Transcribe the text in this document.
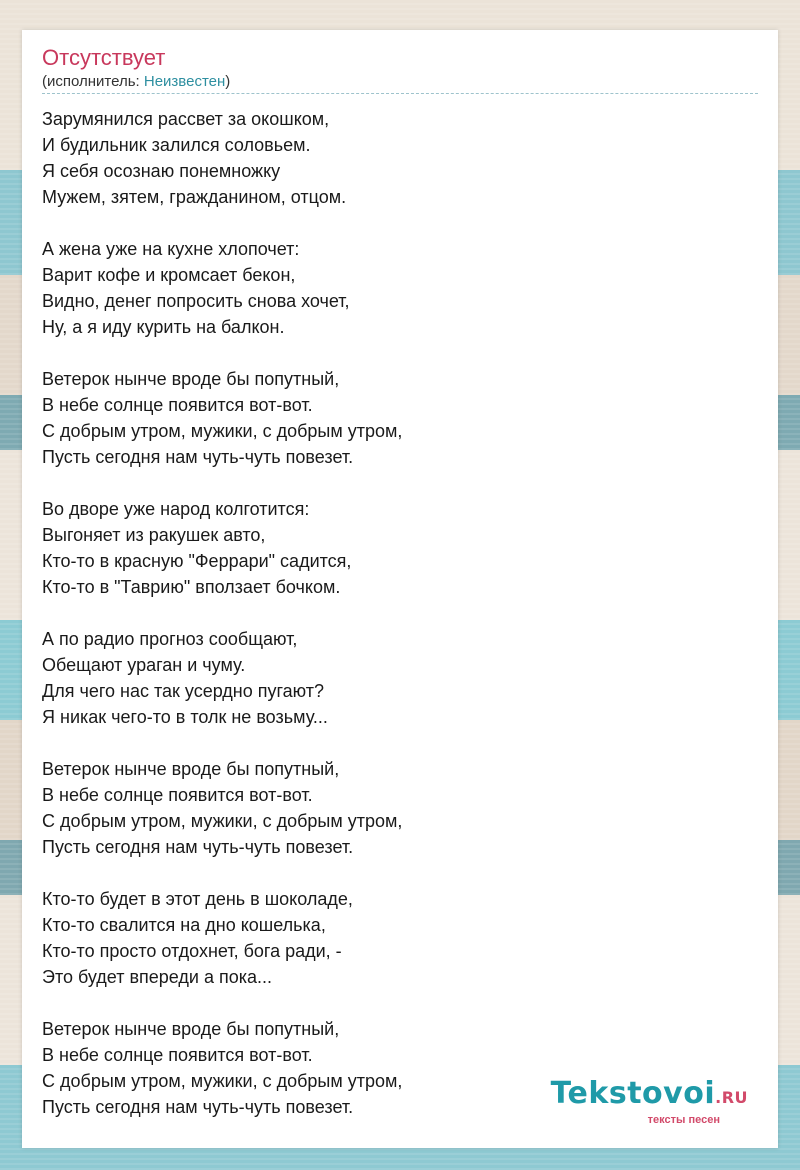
Отсутствует
(исполнитель: Неизвестен)
Зарумянился рассвет за окошком,
И будильник залился соловьем.
Я себя осознаю понемножку
Мужем, зятем, гражданином, отцом.
А жена уже на кухне хлопочет:
Варит кофе и кромсает бекон,
Видно, денег попросить снова хочет,
Ну, а я иду курить на балкон.
Ветерок нынче вроде бы попутный,
В небе солнце появится вот-вот.
С добрым утром, мужики, с добрым утром,
Пусть сегодня нам чуть-чуть повезет.
Во дворе уже народ колготится:
Выгоняет из ракушек авто,
Кто-то в красную "Феррари" садится,
Кто-то в "Таврию" вползает бочком.
А по радио прогноз сообщают,
Обещают ураган и чуму.
Для чего нас так усердно пугают?
Я никак чего-то в толк не возьму...
Ветерок нынче вроде бы попутный,
В небе солнце появится вот-вот.
С добрым утром, мужики, с добрым утром,
Пусть сегодня нам чуть-чуть повезет.
Кто-то будет в этот день в шоколаде,
Кто-то свалится на дно кошелька,
Кто-то просто отдохнет, бога ради, -
Это будет впереди а пока...
Ветерок нынче вроде бы попутный,
В небе солнце появится вот-вот.
С добрым утром, мужики, с добрым утром,
Пусть сегодня нам чуть-чуть повезет.	Tekstovoi.RU
тексты песен
